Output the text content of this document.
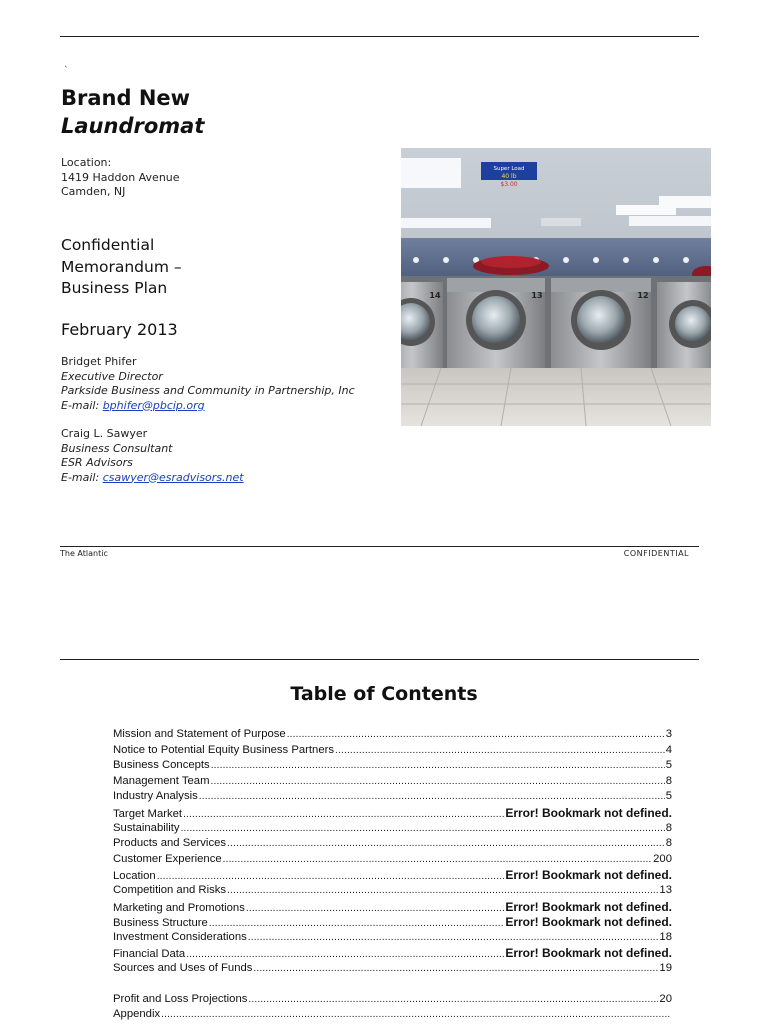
`
Brand New
Laundromat
Location:
1419 Haddon Avenue
Camden, NJ
Confidential
Memorandum –
Business Plan
February 2013
Bridget Phifer
Executive Director
Parkside Business and Community in Partnership, Inc
E-mail: bphifer@pbcip.org
Craig L. Sawyer
Business Consultant
ESR Advisors
E-mail: csawyer@esradvisors.net
Super Load
40 lb
$3.00
14	13	12
The Atlantic	CONFIDENTIAL
Table of Contents
Mission and Statement of Purpose .....	3
Notice to Potential Equity Business Partners .....	4
Business Concepts .....	5
Management Team .....	8
Industry Analysis .....	5
Target Market .....	Error! Bookmark not defined.
Sustainability .....	8
Products and Services .....	8
Customer Experience .....	200
Location .....	Error! Bookmark not defined.
Competition and Risks .....	13
Marketing and Promotions .....	Error! Bookmark not defined.
Business Structure .....	Error! Bookmark not defined.
Investment Considerations .....	18
Financial Data .....	Error! Bookmark not defined.
Sources and Uses of Funds .....	19
Profit and Loss Projections .....	20
Appendix
.....
